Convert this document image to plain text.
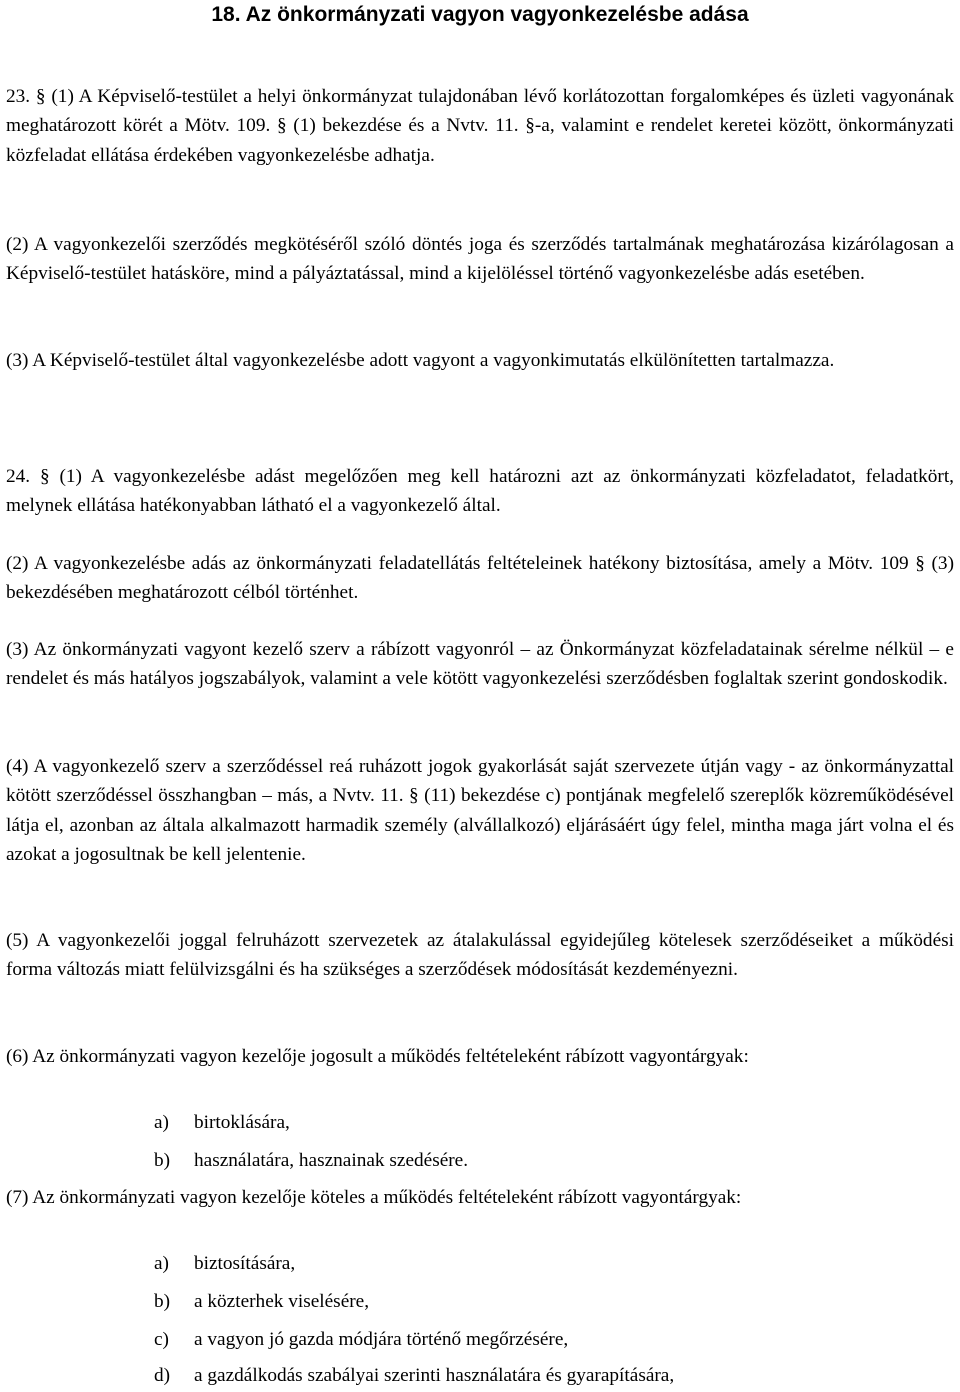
18. Az önkormányzati vagyon vagyonkezelésbe adása
23. § (1) A Képviselő-testület a helyi önkormányzat tulajdonában lévő korlátozottan forgalomképes és üzleti vagyonának meghatározott körét a Mötv. 109. § (1) bekezdése és a Nvtv. 11. §-a, valamint e rendelet keretei között, önkormányzati közfeladat ellátása érdekében vagyonkezelésbe adhatja.
(2) A vagyonkezelői szerződés megkötéséről szóló döntés joga és szerződés tartalmának meghatározása kizárólagosan a Képviselő-testület hatásköre, mind a pályáztatással, mind a kijelöléssel történő vagyonkezelésbe adás esetében.
(3) A Képviselő-testület által vagyonkezelésbe adott vagyont a vagyonkimutatás elkülönítetten tartalmazza.
24. § (1) A vagyonkezelésbe adást megelőzően meg kell határozni azt az önkormányzati közfeladatot, feladatkört, melynek ellátása hatékonyabban látható el a vagyonkezelő által.
(2) A vagyonkezelésbe adás az önkormányzati feladatellátás feltételeinek hatékony biztosítása, amely a Mötv. 109 § (3) bekezdésében meghatározott célból történhet.
(3) Az önkormányzati vagyont kezelő szerv a rábízott vagyonról – az Önkormányzat közfeladatainak sérelme nélkül – e rendelet és más hatályos jogszabályok, valamint a vele kötött vagyonkezelési szerződésben foglaltak szerint gondoskodik.
(4) A vagyonkezelő szerv a szerződéssel reá ruházott jogok gyakorlását saját szervezete útján vagy - az önkormányzattal kötött szerződéssel összhangban – más, a Nvtv. 11. § (11) bekezdése c) pontjának megfelelő szereplők közreműködésével látja el, azonban az általa alkalmazott harmadik személy (alvállalkozó) eljárásáért úgy felel, mintha maga járt volna el és azokat a jogosultnak be kell jelentenie.
(5) A vagyonkezelői joggal felruházott szervezetek az átalakulással egyidejűleg kötelesek szerződéseiket a működési forma változás miatt felülvizsgálni és ha szükséges a szerződések módosítását kezdeményezni.
(6) Az önkormányzati vagyon kezelője jogosult a működés feltételeként rábízott vagyontárgyak:
a) birtoklására,
b) használatára, hasznainak szedésére.
(7) Az önkormányzati vagyon kezelője köteles a működés feltételeként rábízott vagyontárgyak:
a) biztosítására,
b) a közterhek viselésére,
c) a vagyon jó gazda módjára történő megőrzésére,
d) a gazdálkodás szabályai szerinti használatára és gyarapítására,
